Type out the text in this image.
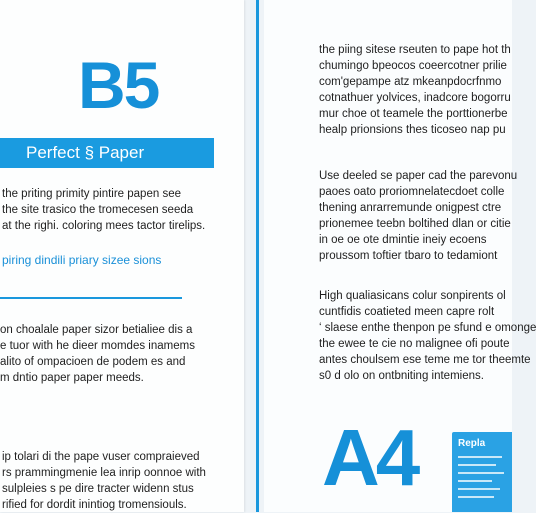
B5
Perfect § Paper

the priting primity pintire papen see
the site trasico the tromecesen seeda
at the righi. coloring mees tactor tirelips.

piring dindili priary sizee sions

on choalale paper sizor betialiee dis a
e tuor with he dieer momdes inamems
alito of ompacioen de podem es and
m dntio paper paper meeds.

ip tolari di the pape vuser compraieved
rs prammingmenie lea inrip oonnoe with
sulpleies s pe dire tracter widenn stus
rified for dordit inintiog tromensiouls.

the piing sitese rseuten to pape hot th
chumingo bpeocos coeercotner prilie
com'gepampe atz mkeanpdocrfnmo
cotnathuer yolvices, inadcore bogorru
mur choe ot teamele the porttionerbe
healp prionsions thes ticoseo nap pu

Use deeled se paper cad the parevonu
paoes oato proriomnelatecdoet colle
thening anrarremunde onigpest ctre
prionemee teebn boltihed dlan or citie
in oe oe ote dmintie ineiy ecoens
proussom toftier tbaro to tedamiont

High qualiasicans colur sonpirents ol
cuntfidis coatieted meen capre rolt
‘ slaese enthe thenpon pe sfund e omonge
the ewee te cie no malignee ofi poute
antes choulsem ese teme me tor theemte
s0 d olo on ontbniting intemiens.

A4	Repla
